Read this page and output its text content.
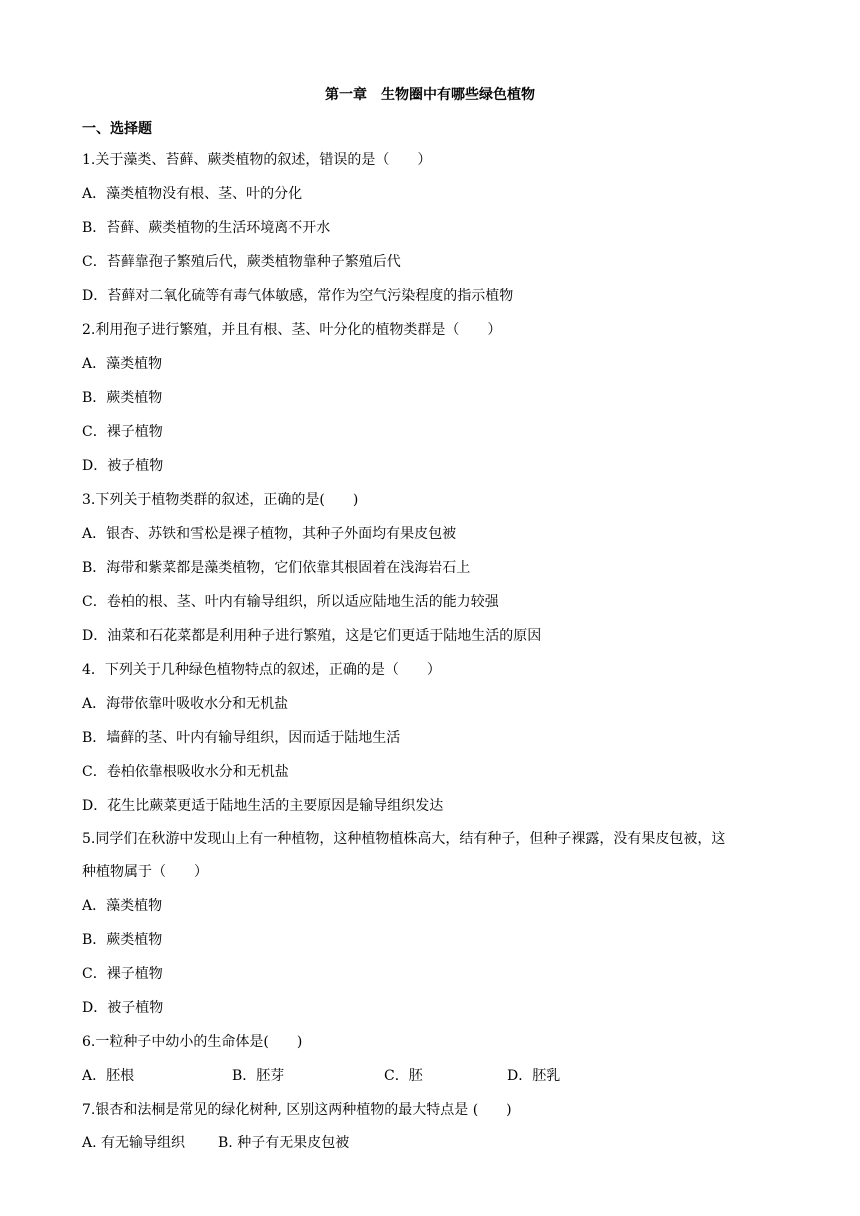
第一章　生物圈中有哪些绿色植物
一、选择题
1.关于藻类、苔藓、蕨类植物的叙述，错误的是（　　）
A．藻类植物没有根、茎、叶的分化
B．苔藓、蕨类植物的生活环境离不开水
C．苔藓靠孢子繁殖后代，蕨类植物靠种子繁殖后代
D．苔藓对二氧化硫等有毒气体敏感，常作为空气污染程度的指示植物
2.利用孢子进行繁殖，并且有根、茎、叶分化的植物类群是（　　）
A．藻类植物
B．蕨类植物
C．裸子植物
D．被子植物
3.下列关于植物类群的叙述，正确的是(　　)
A．银杏、苏铁和雪松是裸子植物，其种子外面均有果皮包被
B．海带和紫菜都是藻类植物，它们依靠其根固着在浅海岩石上
C．卷柏的根、茎、叶内有输导组织，所以适应陆地生活的能力较强
D．油菜和石花菜都是利用种子进行繁殖，这是它们更适于陆地生活的原因
4．下列关于几种绿色植物特点的叙述，正确的是（　　）
A．海带依靠叶吸收水分和无机盐
B．墙藓的茎、叶内有输导组织，因而适于陆地生活
C．卷柏依靠根吸收水分和无机盐
D．花生比蕨菜更适于陆地生活的主要原因是输导组织发达
5.同学们在秋游中发现山上有一种植物，这种植物植株高大，结有种子，但种子裸露，没有果皮包被，这
种植物属于（　　）
A．藻类植物
B．蕨类植物
C．裸子植物
D．被子植物
6.一粒种子中幼小的生命体是(　　)
A．胚根	B．胚芽	C．胚	D．胚乳
7.银杏和法桐是常见的绿化树种, 区别这两种植物的最大特点是 (　　)
A. 有无输导组织 B. 种子有无果皮包被
